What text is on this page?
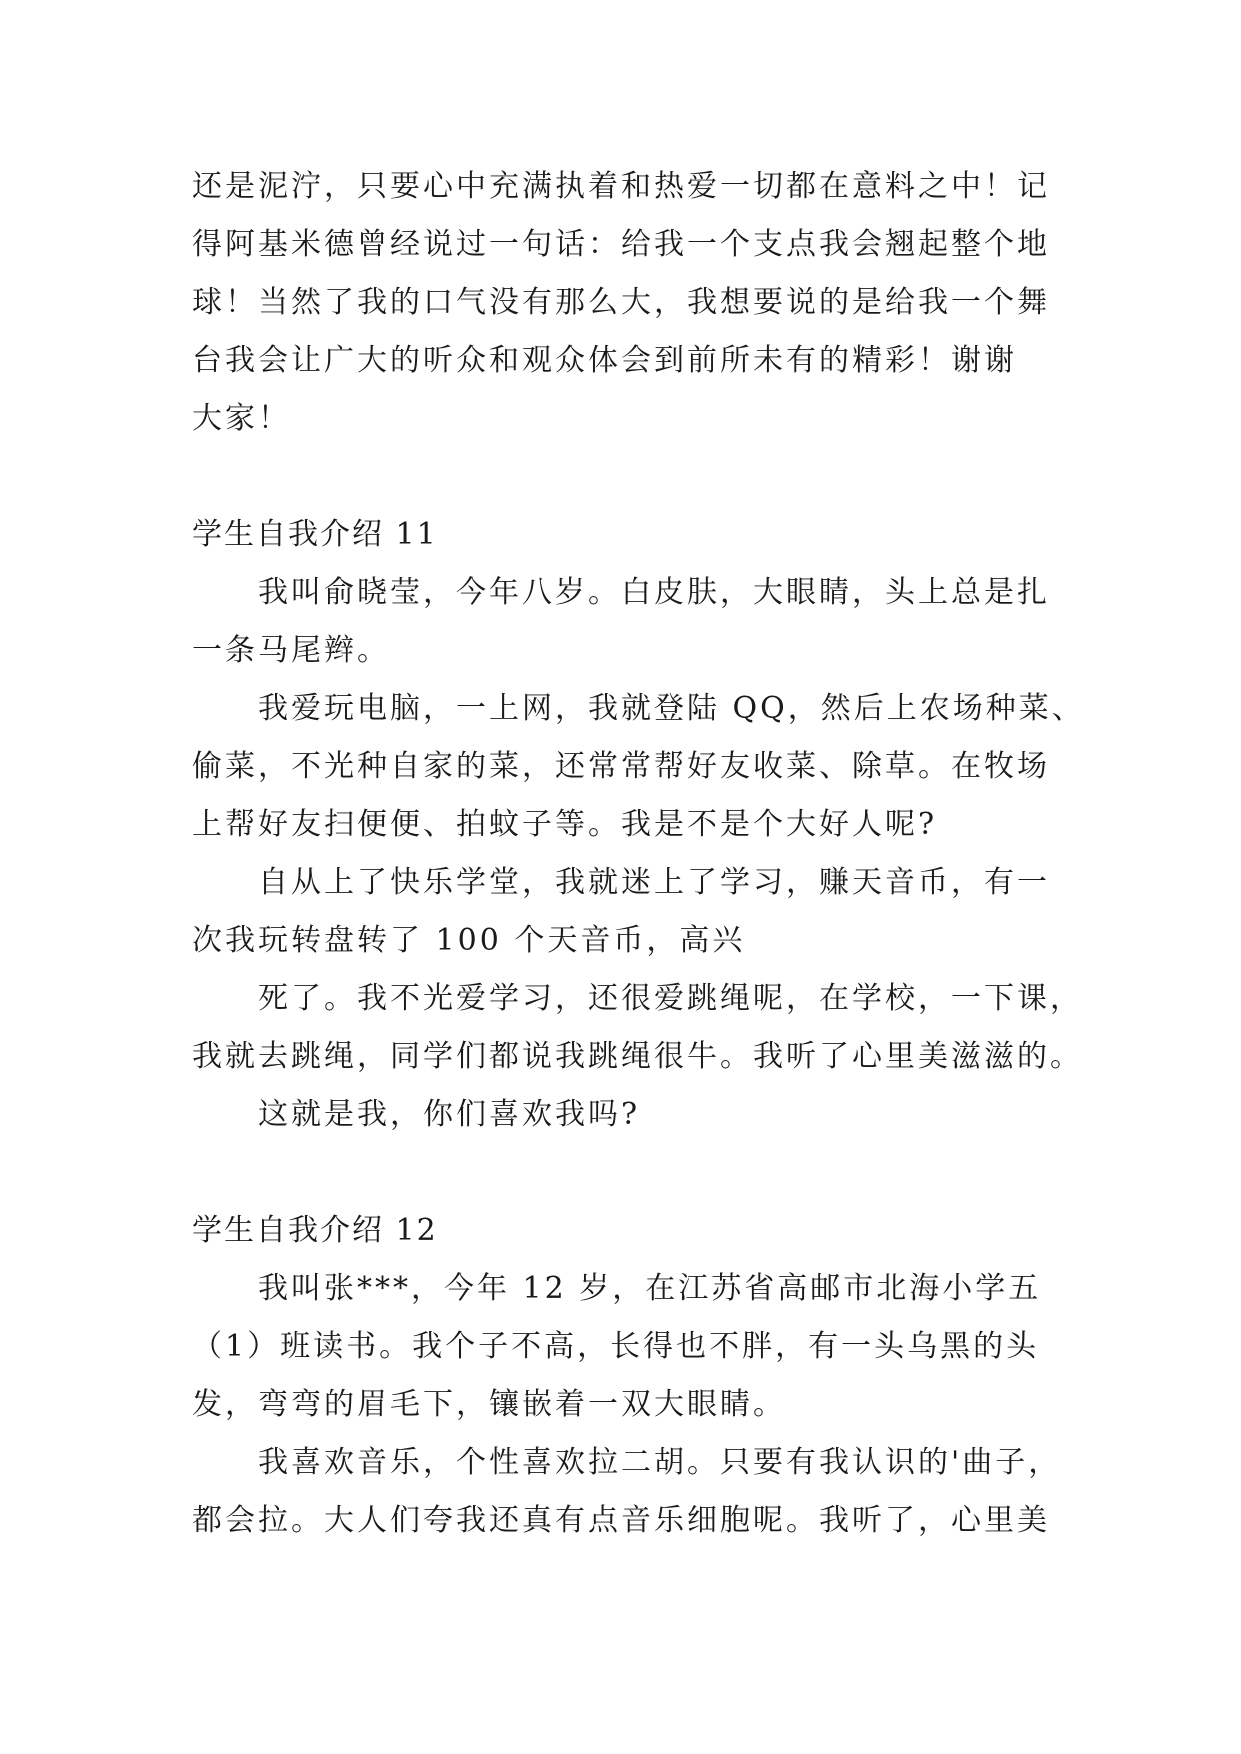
还是泥泞，只要心中充满执着和热爱一切都在意料之中！记
得阿基米德曾经说过一句话：给我一个支点我会翘起整个地
球！当然了我的口气没有那么大，我想要说的是给我一个舞
台我会让广大的听众和观众体会到前所未有的精彩！谢谢
大家！
学生自我介绍 11
我叫俞晓莹，今年八岁。白皮肤，大眼睛，头上总是扎
一条马尾辫。
我爱玩电脑，一上网，我就登陆 QQ，然后上农场种菜、
偷菜，不光种自家的菜，还常常帮好友收菜、除草。在牧场
上帮好友扫便便、拍蚊子等。我是不是个大好人呢?
自从上了快乐学堂，我就迷上了学习，赚天音币，有一
次我玩转盘转了 100 个天音币，高兴
死了。我不光爱学习，还很爱跳绳呢，在学校，一下课，
我就去跳绳，同学们都说我跳绳很牛。我听了心里美滋滋的。
这就是我，你们喜欢我吗?
学生自我介绍 12
我叫张***，今年 12 岁，在江苏省高邮市北海小学五
（1）班读书。我个子不高，长得也不胖，有一头乌黑的头
发，弯弯的眉毛下，镶嵌着一双大眼睛。
我喜欢音乐，个性喜欢拉二胡。只要有我认识的'曲子，
都会拉。大人们夸我还真有点音乐细胞呢。我听了，心里美
